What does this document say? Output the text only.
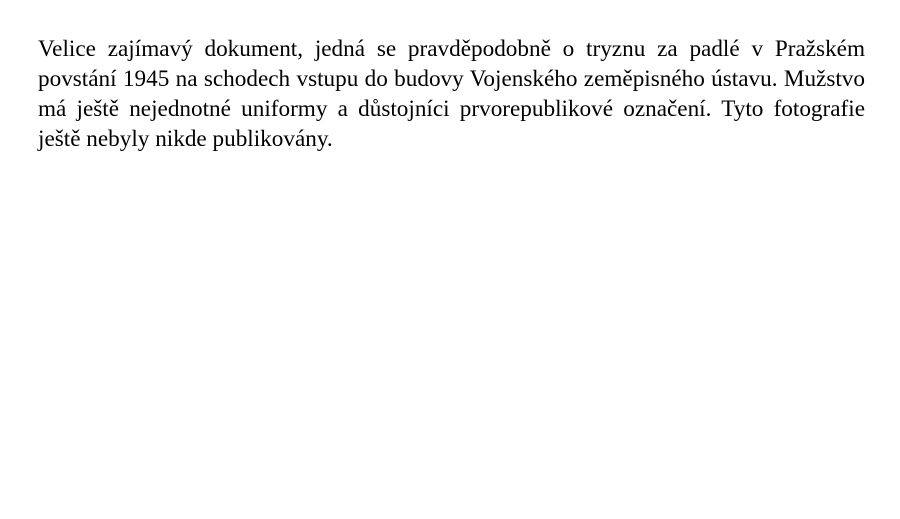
Velice zajímavý dokument, jedná se pravděpodobně o tryznu za padlé v Pražském povstání 1945 na schodech vstupu do budovy Vojenského zeměpisného ústavu. Mužstvo má ještě nejednotné uniformy a důstojníci prvorepublikové označení. Tyto fotografie ještě nebyly nikde publikovány.
